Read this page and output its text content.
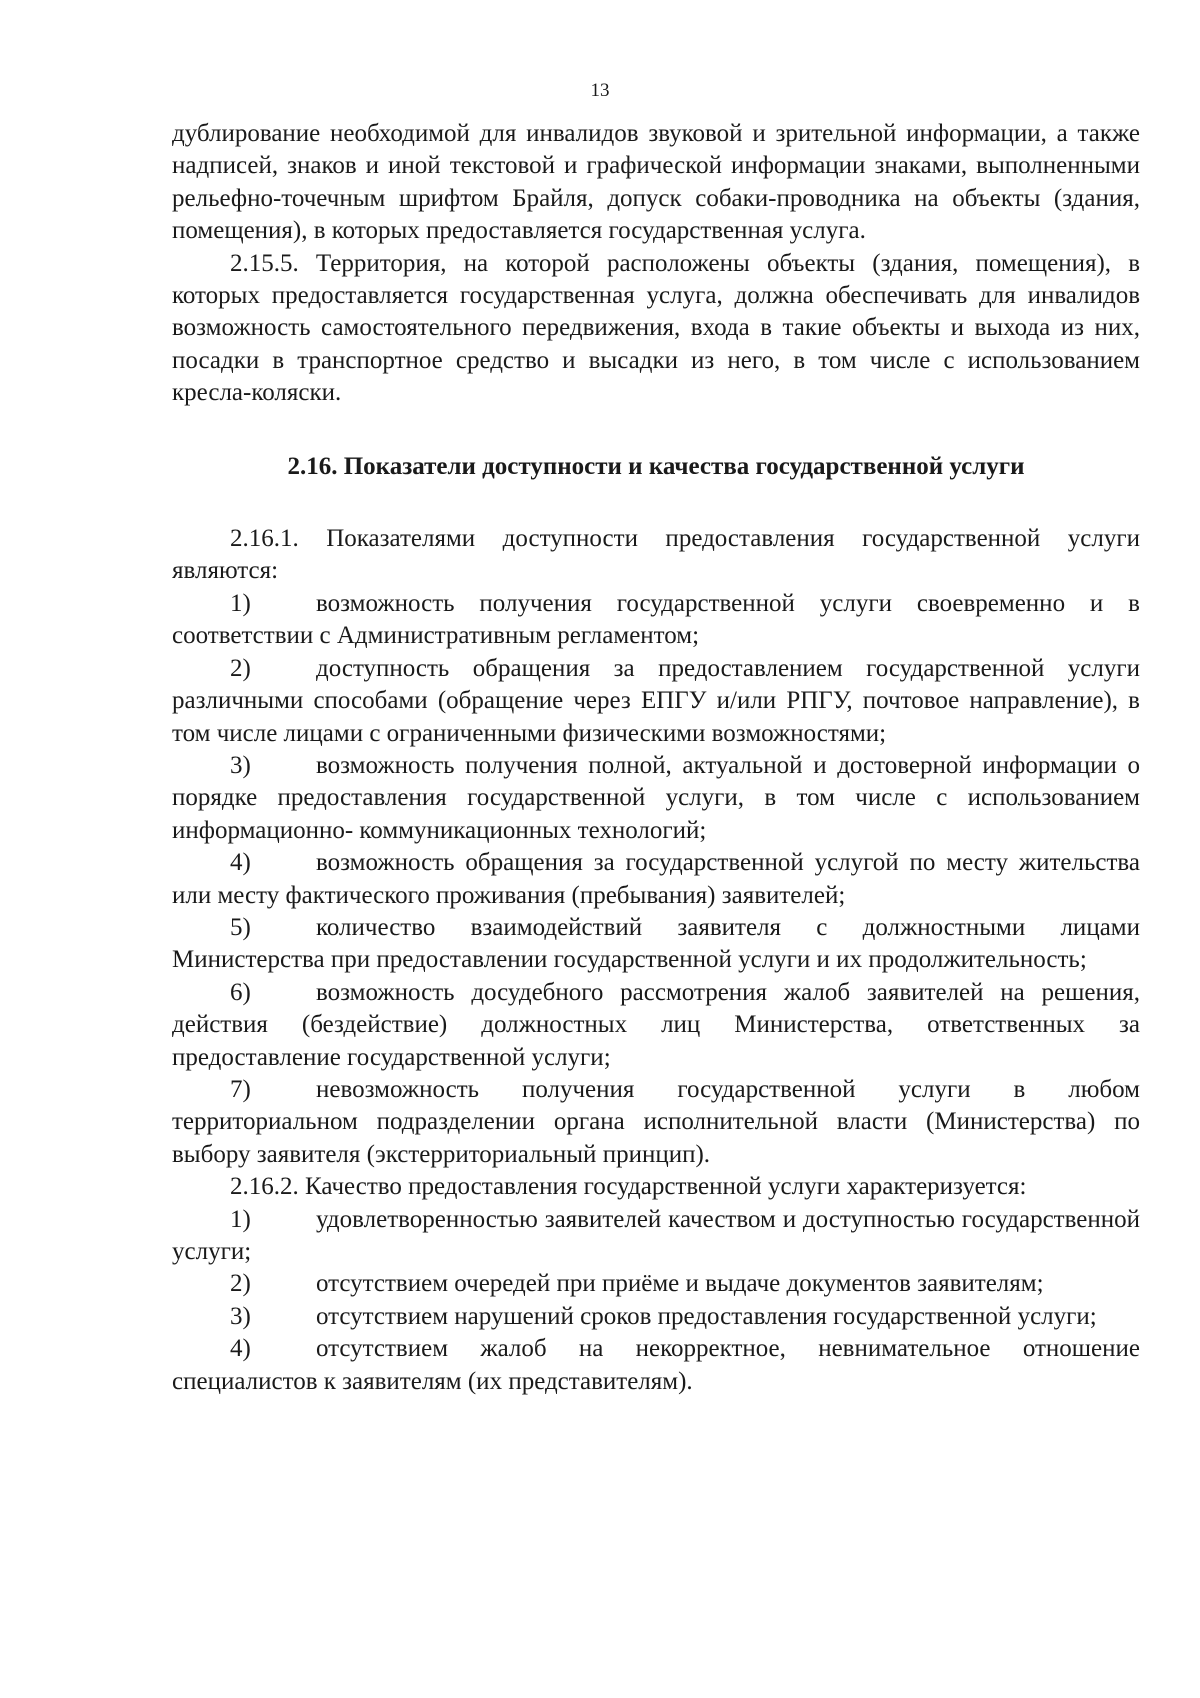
13

дублирование необходимой для инвалидов звуковой и зрительной информации, а также надписей, знаков и иной текстовой и графической информации знаками, выполненными рельефно-точечным шрифтом Брайля, допуск собаки-проводника на объекты (здания, помещения), в которых предоставляется государственная услуга.

2.15.5. Территория, на которой расположены объекты (здания, помещения), в которых предоставляется государственная услуга, должна обеспечивать для инвалидов возможность самостоятельного передвижения, входа в такие объекты и выхода из них, посадки в транспортное средство и высадки из него, в том числе с использованием кресла-коляски.

2.16. Показатели доступности и качества государственной услуги

2.16.1. Показателями доступности предоставления государственной услуги являются:

1)	возможность получения государственной услуги своевременно и в соответствии с Административным регламентом;

2)	доступность обращения за предоставлением государственной услуги различными способами (обращение через ЕПГУ и/или РПГУ, почтовое направление), в том числе лицами с ограниченными физическими возможностями;

3)	возможность получения полной, актуальной и достоверной информации о порядке предоставления государственной услуги, в том числе с использованием информационно- коммуникационных технологий;

4)	возможность обращения за государственной услугой по месту жительства или месту фактического проживания (пребывания) заявителей;

5)	количество взаимодействий заявителя с должностными лицами Министерства при предоставлении государственной услуги и их продолжительность;

6)	возможность досудебного рассмотрения жалоб заявителей на решения, действия (бездействие) должностных лиц Министерства, ответственных за предоставление государственной услуги;

7)	невозможность получения государственной услуги в любом территориальном подразделении органа исполнительной власти (Министерства) по выбору заявителя (экстерриториальный принцип).

2.16.2. Качество предоставления государственной услуги характеризуется:

1)	удовлетворенностью заявителей качеством и доступностью государственной услуги;

2)	отсутствием очередей при приёме и выдаче документов заявителям;

3)	отсутствием нарушений сроков предоставления государственной услуги;

4)	отсутствием жалоб на некорректное, невнимательное отношение специалистов к заявителям (их представителям).
